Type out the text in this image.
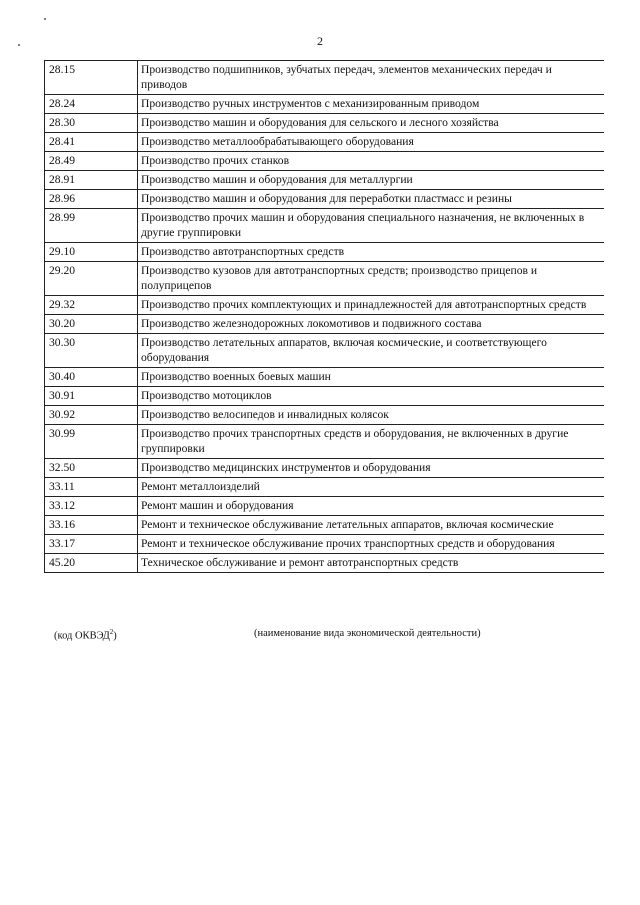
2
28.15	Производство подшипников, зубчатых передач, элементов механических передач и приводов
28.24	Производство ручных инструментов с механизированным приводом
28.30	Производство машин и оборудования для сельского и лесного хозяйства
28.41	Производство металлообрабатывающего оборудования
28.49	Производство прочих станков
28.91	Производство машин и оборудования для металлургии
28.96	Производство машин и оборудования для переработки пластмасс и резины
28.99	Производство прочих машин и оборудования специального назначения, не включенных в другие группировки
29.10	Производство автотранспортных средств
29.20	Производство кузовов для автотранспортных средств; производство прицепов и полуприцепов
29.32	Производство прочих комплектующих и принадлежностей для автотранспортных средств
30.20	Производство железнодорожных локомотивов и подвижного состава
30.30	Производство летательных аппаратов, включая космические, и соответствующего оборудования
30.40	Производство военных боевых машин
30.91	Производство мотоциклов
30.92	Производство велосипедов и инвалидных колясок
30.99	Производство прочих транспортных средств и оборудования, не включенных в другие группировки
32.50	Производство медицинских инструментов и оборудования
33.11	Ремонт металлоизделий
33.12	Ремонт машин и оборудования
33.16	Ремонт и техническое обслуживание летательных аппаратов, включая космические
33.17	Ремонт и техническое обслуживание прочих транспортных средств и оборудования
45.20	Техническое обслуживание и ремонт автотранспортных средств
(код ОКВЭД$^2$)	(наименование вида экономической деятельности)
